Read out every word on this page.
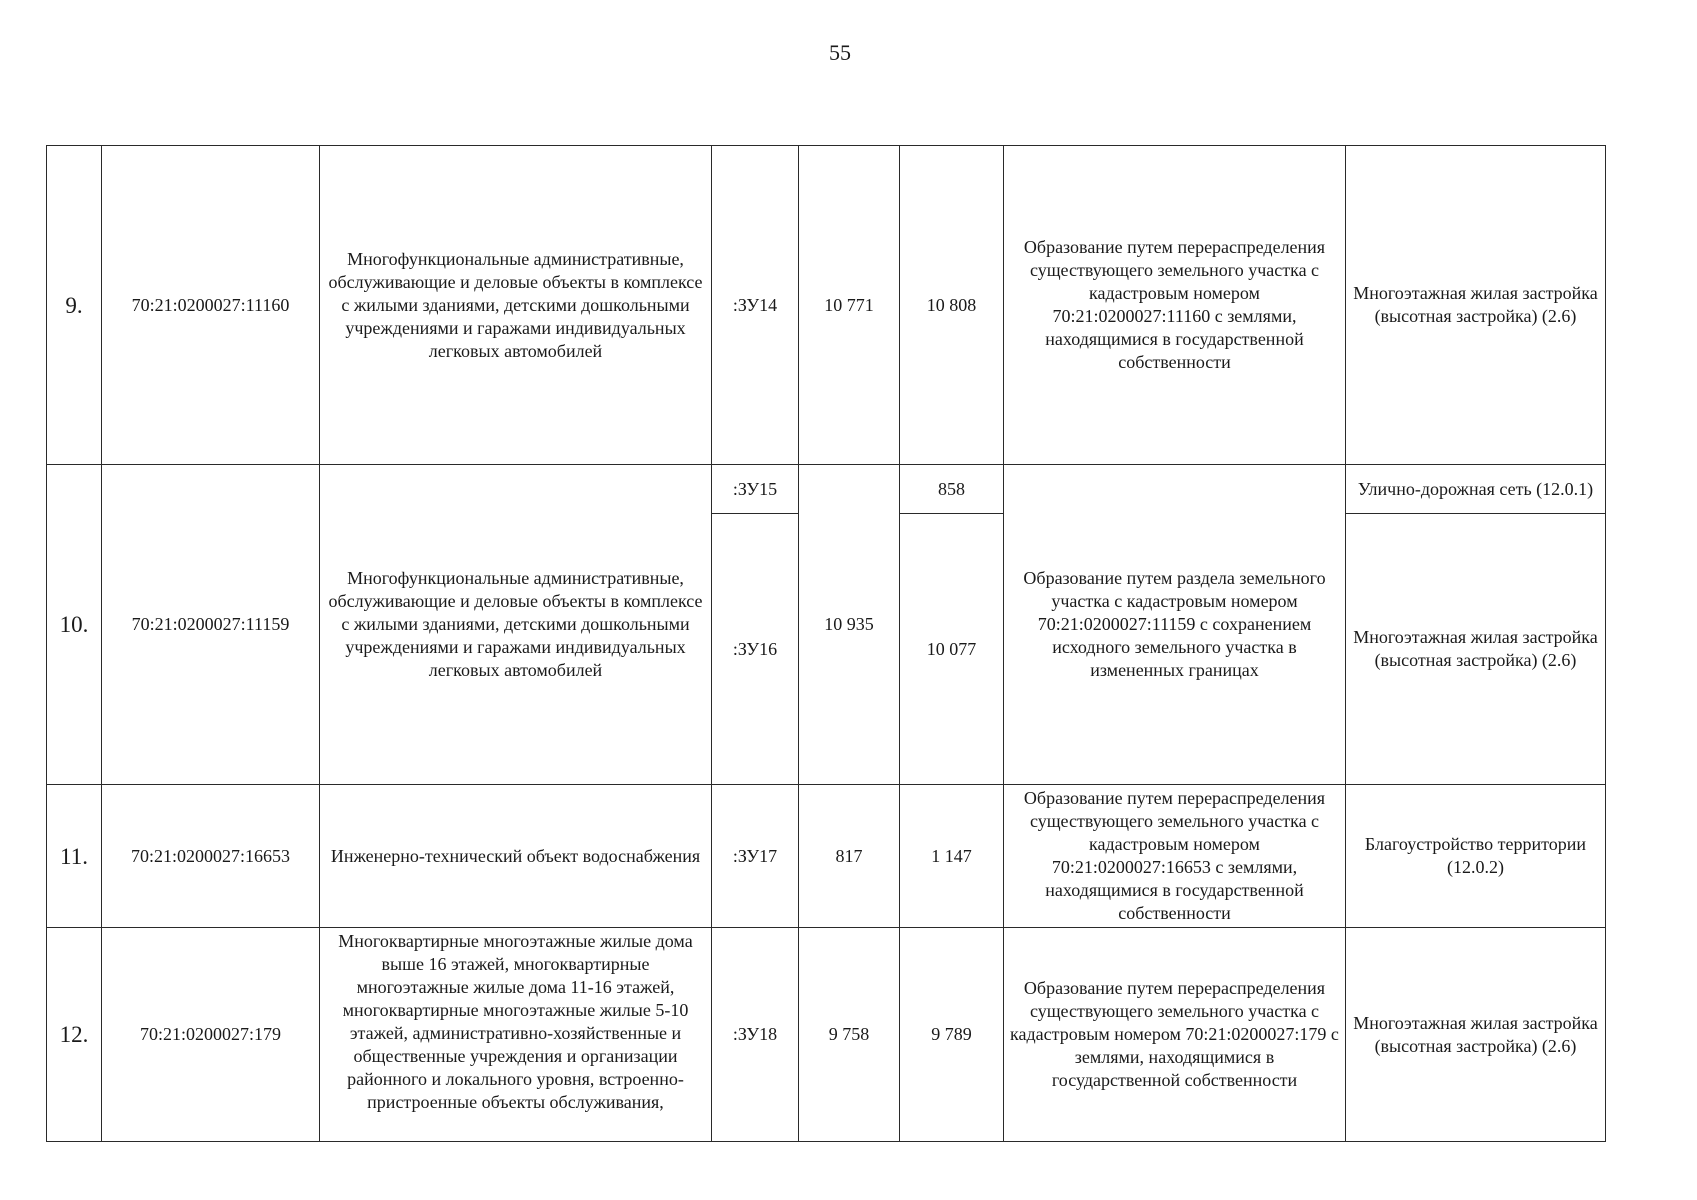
55
9.	70:21:0200027:11160	Многофункциональные административные, обслуживающие и деловые объекты в комплексе с жилыми зданиями, детскими дошкольными учреждениями и гаражами индивидуальных легковых автомобилей	:ЗУ14	10 771	10 808	Образование путем перераспределения существующего земельного участка с кадастровым номером 70:21:0200027:11160 с землями, находящимися в государственной собственности	Многоэтажная жилая застройка (высотная застройка) (2.6)
10.	70:21:0200027:11159	Многофункциональные административные, обслуживающие и деловые объекты в комплексе с жилыми зданиями, детскими дошкольными учреждениями и гаражами индивидуальных легковых автомобилей	:ЗУ15	10 935	858	Образование путем раздела земельного участка с кадастровым номером 70:21:0200027:11159 с сохранением исходного земельного участка в измененных границах	Улично-дорожная сеть (12.0.1)
			:ЗУ16		10 077		Многоэтажная жилая застройка (высотная застройка) (2.6)
11.	70:21:0200027:16653	Инженерно-технический объект водоснабжения	:ЗУ17	817	1 147	Образование путем перераспределения существующего земельного участка с кадастровым номером 70:21:0200027:16653 с землями, находящимися в государственной собственности	Благоустройство территории (12.0.2)
12.	70:21:0200027:179	Многоквартирные многоэтажные жилые дома выше 16 этажей, многоквартирные многоэтажные жилые дома 11-16 этажей, многоквартирные многоэтажные жилые 5-10 этажей, административно-хозяйственные и общественные учреждения и организации районного и локального уровня, встроенно-пристроенные объекты обслуживания,	:ЗУ18	9 758	9 789	Образование путем перераспределения существующего земельного участка с кадастровым номером 70:21:0200027:179 с землями, находящимися в государственной собственности	Многоэтажная жилая застройка (высотная застройка) (2.6)
